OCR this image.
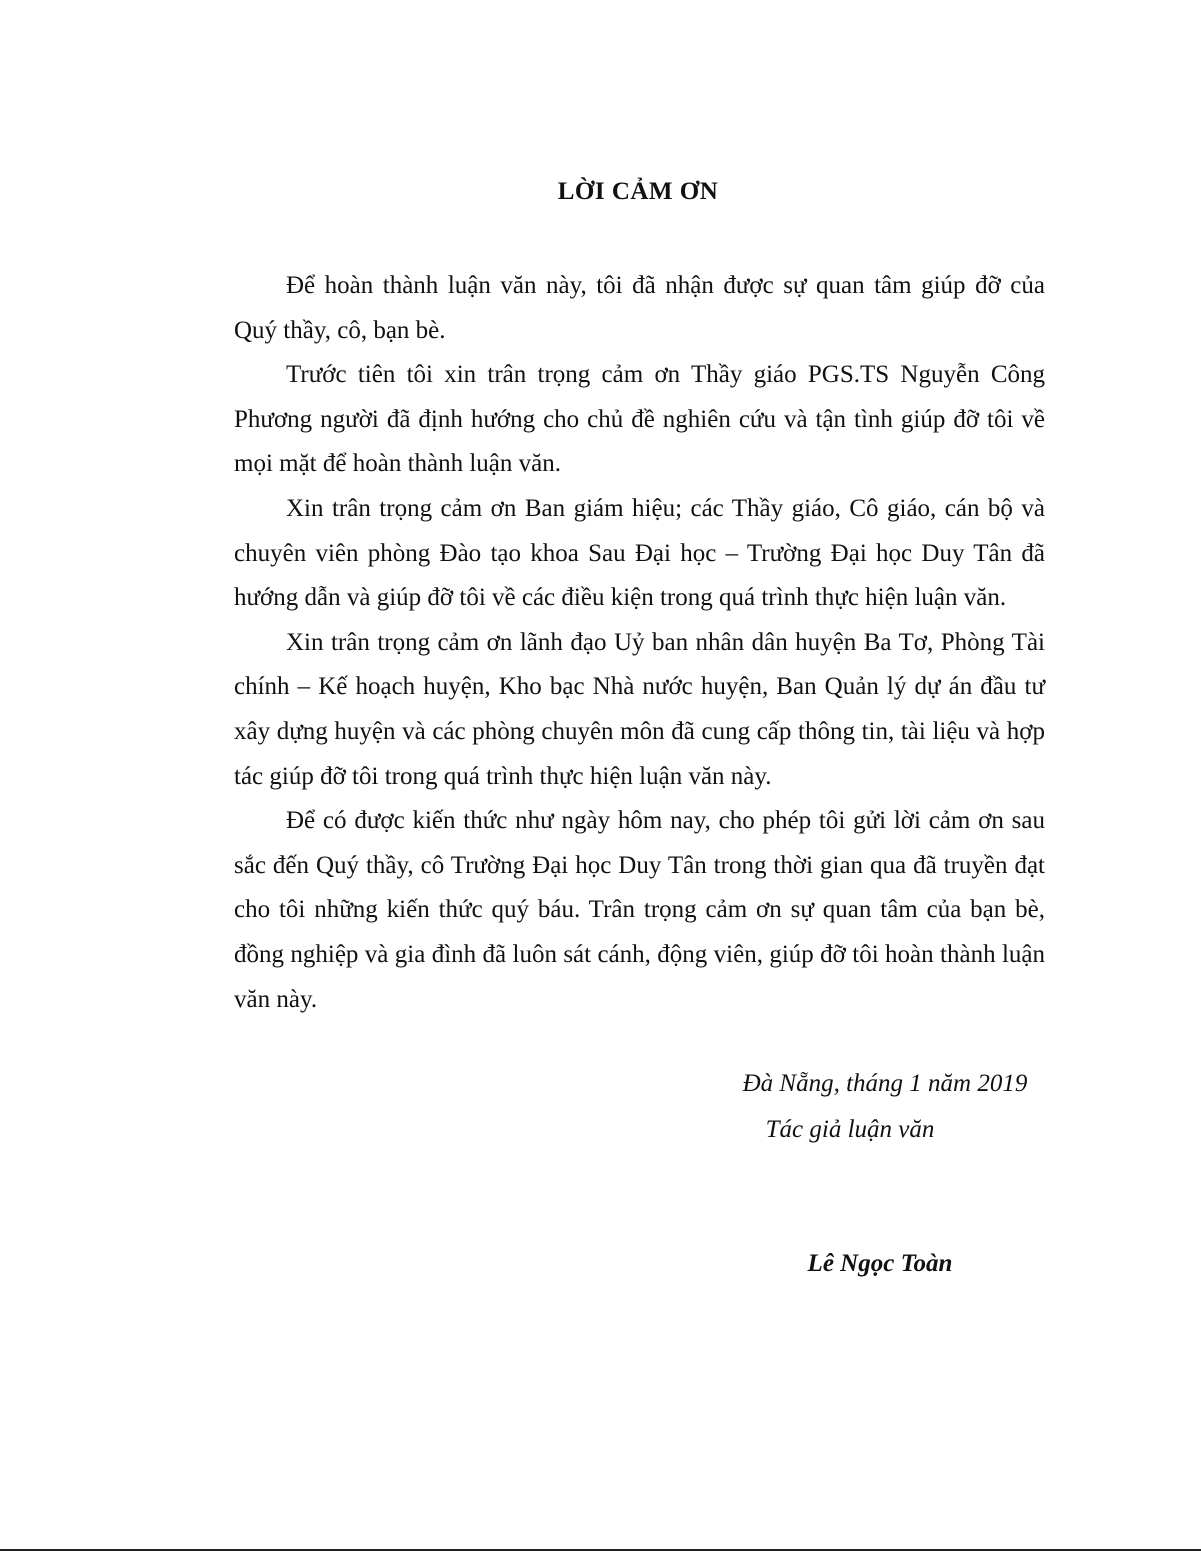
LỜI CẢM ƠN

Để hoàn thành luận văn này, tôi đã nhận được sự quan tâm giúp đỡ của Quý thầy, cô, bạn bè.

Trước tiên tôi xin trân trọng cảm ơn Thầy giáo PGS.TS Nguyễn Công Phương người đã định hướng cho chủ đề nghiên cứu và tận tình giúp đỡ tôi về mọi mặt để hoàn thành luận văn.

Xin trân trọng cảm ơn Ban giám hiệu; các Thầy giáo, Cô giáo, cán bộ và chuyên viên phòng Đào tạo khoa Sau Đại học – Trường Đại học Duy Tân đã hướng dẫn và giúp đỡ tôi về các điều kiện trong quá trình thực hiện luận văn.

Xin trân trọng cảm ơn lãnh đạo Uỷ ban nhân dân huyện Ba Tơ, Phòng Tài chính – Kế hoạch huyện, Kho bạc Nhà nước huyện, Ban Quản lý dự án đầu tư xây dựng huyện và các phòng chuyên môn đã cung cấp thông tin, tài liệu và hợp tác giúp đỡ tôi trong quá trình thực hiện luận văn này.

Để có được kiến thức như ngày hôm nay, cho phép tôi gửi lời cảm ơn sau sắc đến Quý thầy, cô Trường Đại học Duy Tân trong thời gian qua đã truyền đạt cho tôi những kiến thức quý báu. Trân trọng cảm ơn sự quan tâm của bạn bè, đồng nghiệp và gia đình đã luôn sát cánh, động viên, giúp đỡ tôi hoàn thành luận văn này.

Đà Nẵng, tháng 1 năm 2019
Tác giả luận văn
Lê Ngọc Toàn
